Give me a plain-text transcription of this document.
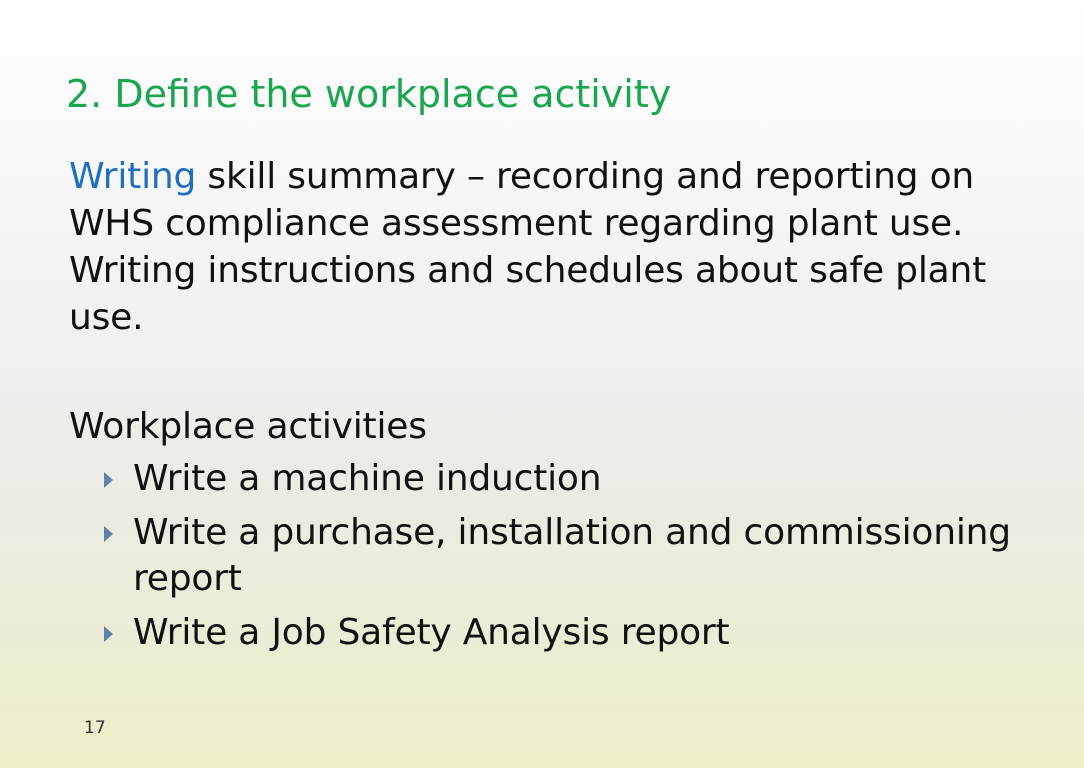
2. Define the workplace activity

Writing skill summary – recording and reporting on WHS compliance assessment regarding plant use. Writing instructions and schedules about safe plant use.

Workplace activities

Write a machine induction
Write a purchase, installation and commissioning report
Write a Job Safety Analysis report
17
